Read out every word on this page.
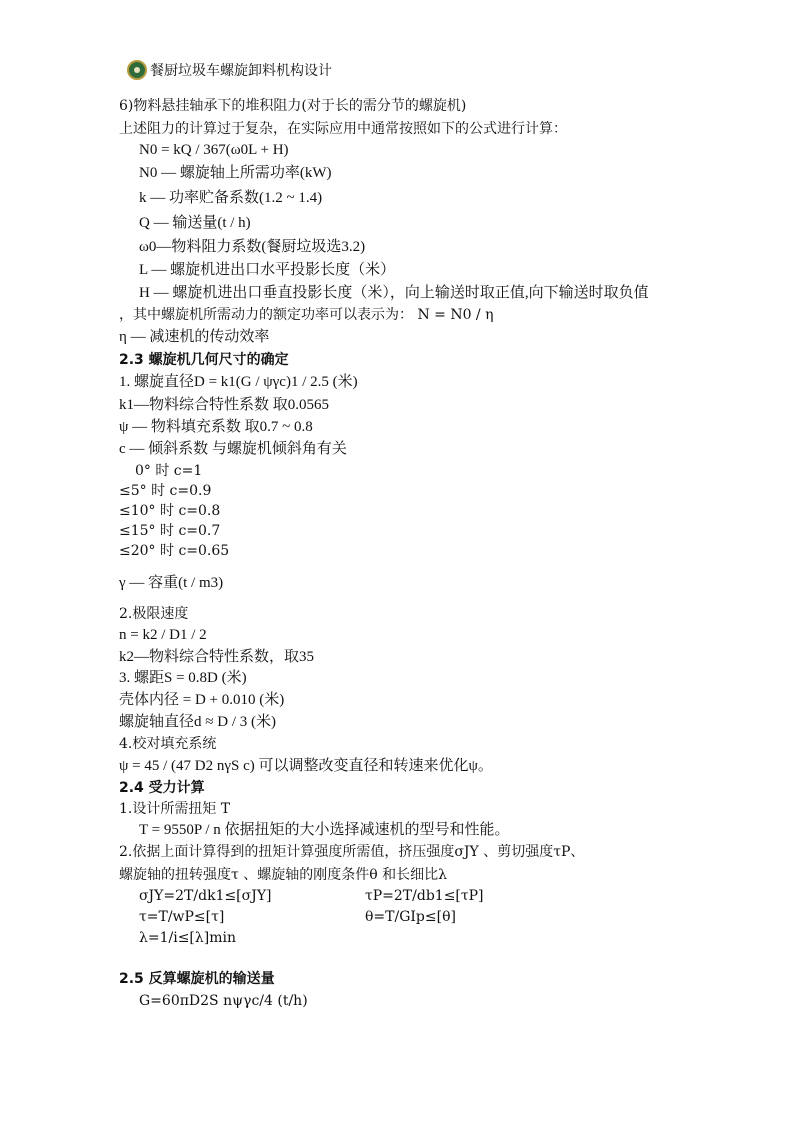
餐厨垃圾车螺旋卸料机构设计
6)物料悬挂轴承下的堆积阻力(对于长的需分节的螺旋机)
上述阻力的计算过于复杂，在实际应用中通常按照如下的公式进行计算：
N0 = kQ / 367(ω0L + H)
N0 — 螺旋轴上所需功率(kW)
k — 功率贮备系数(1.2 ~ 1.4)
Q — 输送量(t / h)
ω0—物料阻力系数(餐厨垃圾选3.2)
L — 螺旋机进出口水平投影长度（米）
H — 螺旋机进出口垂直投影长度（米），向上输送时取正值,向下输送时取负值
，其中螺旋机所需动力的额定功率可以表示为： N = N0 / η
η — 减速机的传动效率
2.3 螺旋机几何尺寸的确定
1. 螺旋直径D = k1(G / ψγc)1 / 2.5 (米)
k1—物料综合特性系数 取0.0565
ψ — 物料填充系数 取0.7 ~ 0.8
c — 倾斜系数 与螺旋机倾斜角有关
0° 时 c=1
≤5° 时 c=0.9
≤10° 时 c=0.8
≤15° 时 c=0.7
≤20° 时 c=0.65
γ — 容重(t / m3)
2.极限速度
n = k2 / D1 / 2
k2—物料综合特性系数，取35
3. 螺距S = 0.8D (米)
壳体内径 = D + 0.010 (米)
螺旋轴直径d ≈ D / 3 (米)
4.校对填充系统
ψ = 45 / (47 D2 nγS c) 可以调整改变直径和转速来优化ψ。
2.4 受力计算
1.设计所需扭矩 T
T = 9550P / n 依据扭矩的大小选择减速机的型号和性能。
2.依据上面计算得到的扭矩计算强度所需值，挤压强度σJY 、剪切强度τP、
螺旋轴的扭转强度τ 、螺旋轴的刚度条件θ 和长细比λ
σJY=2T/dk1≤[σJY]	τP=2T/db1≤[τP]
τ=T/wP≤[τ]	θ=T/GIp≤[θ]
λ=1/i≤[λ]min
2.5 反算螺旋机的输送量
G=60πD2S nψγc/4 (t/h)
